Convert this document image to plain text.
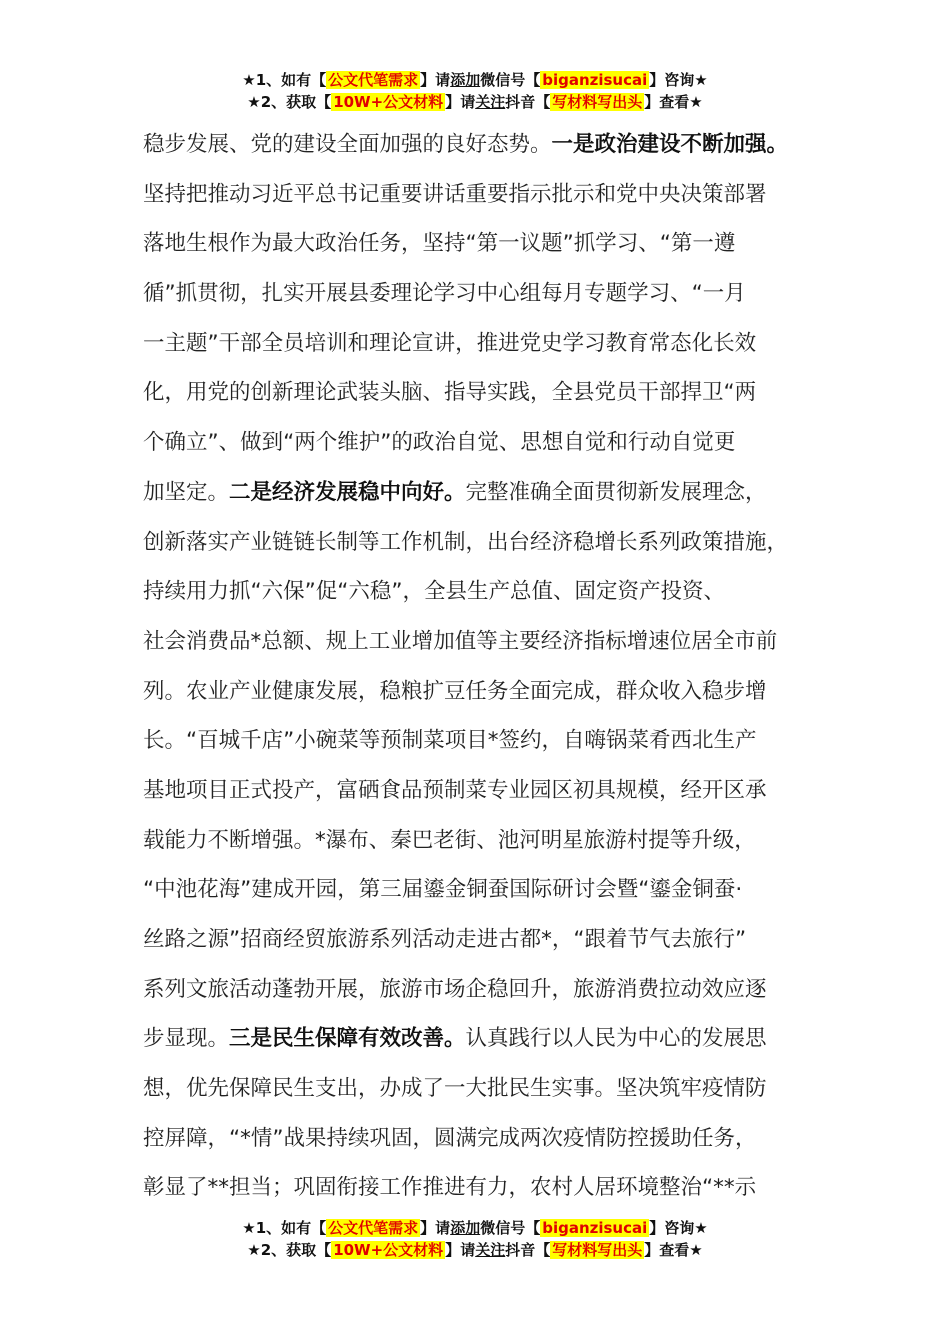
★1、如有【 公文代笔需求 】请添加微信号【 biganzisucai 】咨询★
★2、获取【 10W+公文材料 】请关注抖音【 写材料写出头 】查看★
稳步发展、党的建设全面加强的良好态势。一是政治建设不断加强。
坚持把推动习近平总书记重要讲话重要指示批示和党中央决策部署
落地生根作为最大政治任务，坚持“第一议题”抓学习、“第一遵
循”抓贯彻，扎实开展县委理论学习中心组每月专题学习、“一月
一主题”干部全员培训和理论宣讲，推进党史学习教育常态化长效
化，用党的创新理论武装头脑、指导实践，全县党员干部捍卫“两
个确立”、做到“两个维护”的政治自觉、思想自觉和行动自觉更
加坚定。二是经济发展稳中向好。完整准确全面贯彻新发展理念，
创新落实产业链链长制等工作机制，出台经济稳增长系列政策措施，
持续用力抓“六保”促“六稳”，全县生产总值、固定资产投资、
社会消费品*总额、规上工业增加值等主要经济指标增速位居全市前
列。农业产业健康发展，稳粮扩豆任务全面完成，群众收入稳步增
长。“百城千店”小碗菜等预制菜项目*签约，自嗨锅菜肴西北生产
基地项目正式投产，富硒食品预制菜专业园区初具规模，经开区承
载能力不断增强。*瀑布、秦巴老街、池河明星旅游村提等升级，
“中池花海”建成开园，第三届鎏金铜蚕国际研讨会暨“鎏金铜蚕·
丝路之源”招商经贸旅游系列活动走进古都*，“跟着节气去旅行”
系列文旅活动蓬勃开展，旅游市场企稳回升，旅游消费拉动效应逐
步显现。三是民生保障有效改善。认真践行以人民为中心的发展思
想，优先保障民生支出，办成了一大批民生实事。坚决筑牢疫情防
控屏障，“*情”战果持续巩固，圆满完成两次疫情防控援助任务，
彰显了**担当；巩固衔接工作推进有力，农村人居环境整治“**示
★1、如有【 公文代笔需求 】请添加微信号【 biganzisucai 】咨询★
★2、获取【 10W+公文材料 】请关注抖音【 写材料写出头 】查看★
